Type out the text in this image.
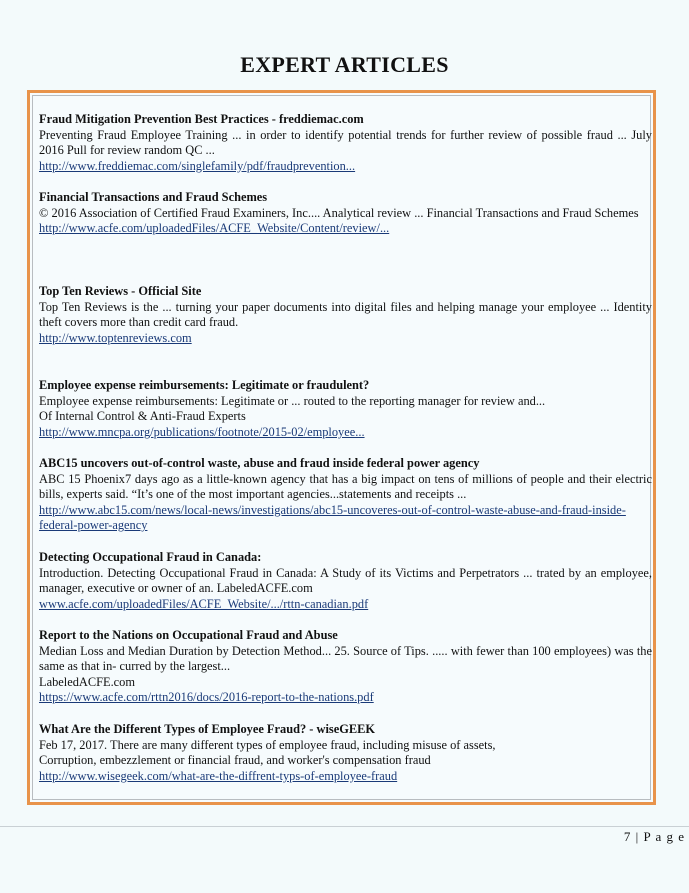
EXPERT ARTICLES
Fraud Mitigation Prevention Best Practices - freddiemac.com
Preventing Fraud Employee Training ... in order to identify potential trends for further review of possible fraud ... July 2016 Pull for review random QC ...
http://www.freddiemac.com/singlefamily/pdf/fraudprevention...
Financial Transactions and Fraud Schemes
© 2016 Association of Certified Fraud Examiners, Inc.... Analytical review ... Financial Transactions and Fraud Schemes
http://www.acfe.com/uploadedFiles/ACFE_Website/Content/review/...
Top Ten Reviews - Official Site
Top Ten Reviews is the ... turning your paper documents into digital files and helping manage your employee ... Identity theft covers more than credit card fraud.
http://www.toptenreviews.com
Employee expense reimbursements: Legitimate or fraudulent?
Employee expense reimbursements: Legitimate or ... routed to the reporting manager for review and...
Of Internal Control & Anti-Fraud Experts
http://www.mncpa.org/publications/footnote/2015-02/employee...
ABC15 uncovers out-of-control waste, abuse and fraud inside federal power agency
ABC 15 Phoenix7 days ago as a little-known agency that has a big impact on tens of millions of people and their electric bills, experts said. “It’s one of the most important agencies...statements and receipts ...
http://www.abc15.com/news/local-news/investigations/abc15-uncoveres-out-of-control-waste-abuse-and-fraud-inside-federal-power-agency
Detecting Occupational Fraud in Canada:
Introduction. Detecting Occupational Fraud in Canada: A Study of its Victims and Perpetrators ... trated by an employee, manager, executive or owner of an. LabeledACFE.com
www.acfe.com/uploadedFiles/ACFE_Website/.../rttn-canadian.pdf
Report to the Nations on Occupational Fraud and Abuse
Median Loss and Median Duration by Detection Method... 25. Source of Tips. ..... with fewer than 100 employees) was the same as that in- curred by the largest...
LabeledACFE.com
https://www.acfe.com/rttn2016/docs/2016-report-to-the-nations.pdf
What Are the Different Types of Employee Fraud? - wiseGEEK
Feb 17, 2017. There are many different types of employee fraud, including misuse of assets,
Corruption, embezzlement or financial fraud, and worker's compensation fraud
http://www.wisegeek.com/what-are-the-diffrent-typs-of-employee-fraud
7 | P a g e
